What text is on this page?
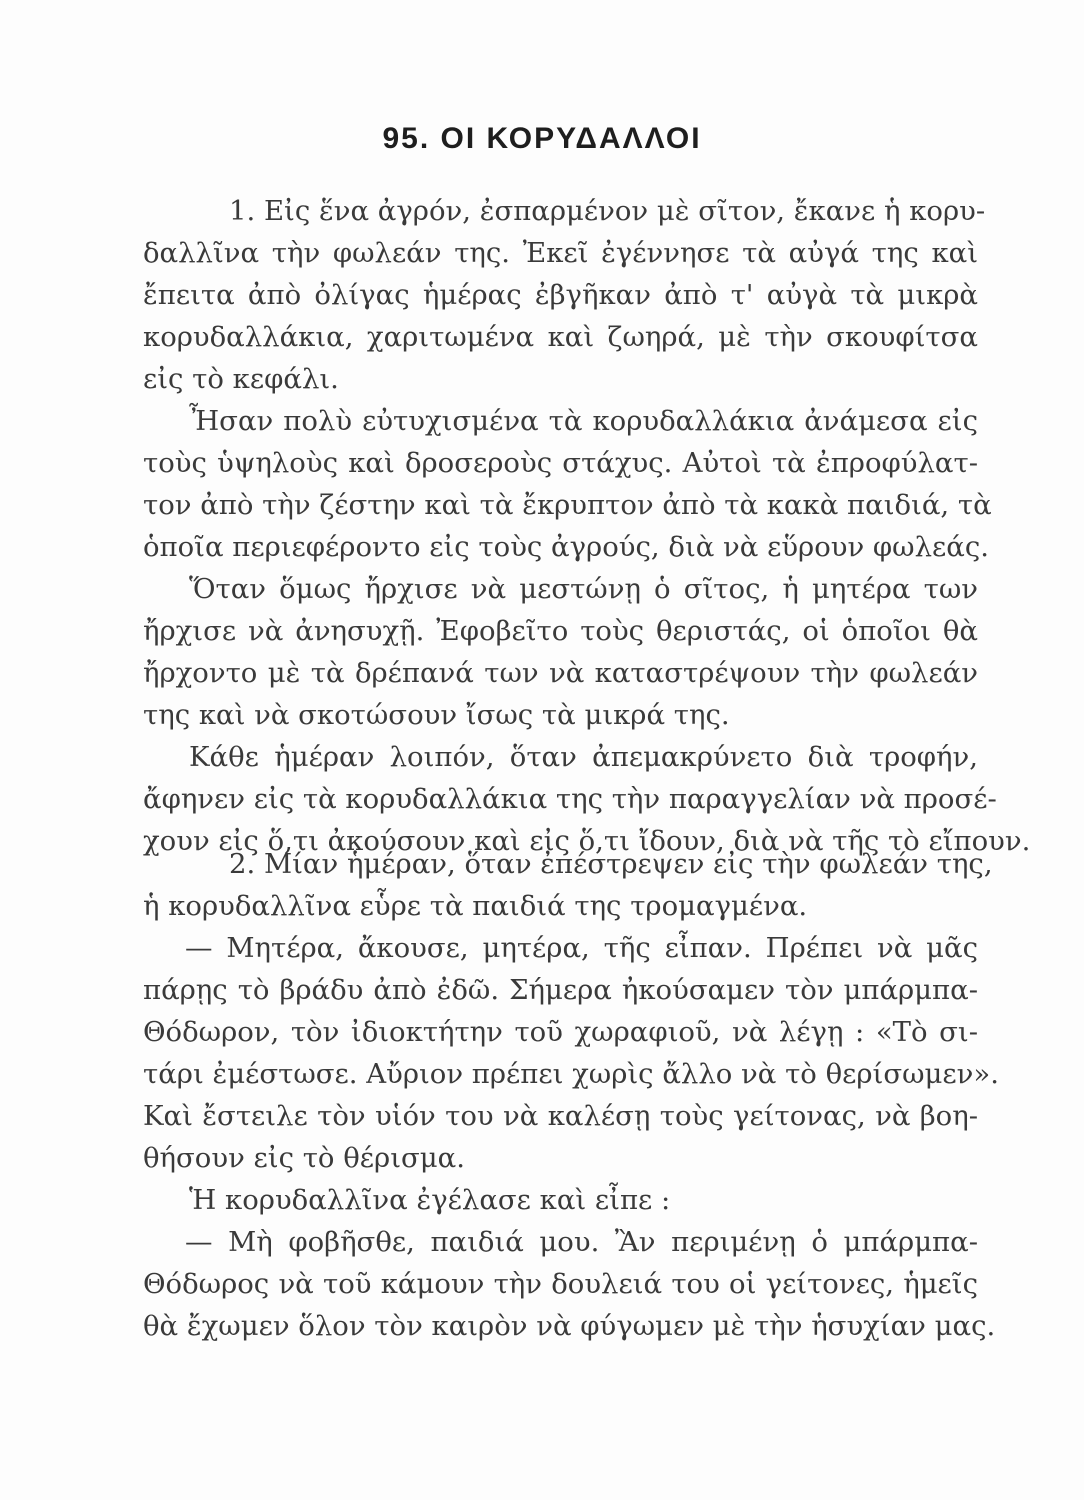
95. ΟΙ ΚΟΡΥΔΑΛΛΟΙ
1. Εἰς ἕνα ἀγρόν, ἐσπαρμένον μὲ σῖτον, ἔκανε ἡ κορυ-
δαλλῖνα τὴν φωλεάν της. Ἐκεῖ ἐγέννησε τὰ αὐγά της καὶ
ἔπειτα ἀπὸ ὀλίγας ἡμέρας ἐβγῆκαν ἀπὸ τ' αὐγὰ τὰ μικρὰ
κορυδαλλάκια, χαριτωμένα καὶ ζωηρά, μὲ τὴν σκουφίτσα
εἰς τὸ κεφάλι.
Ἦσαν πολὺ εὐτυχισμένα τὰ κορυδαλλάκια ἀνάμεσα εἰς
τοὺς ὑψηλοὺς καὶ δροσεροὺς στάχυς. Αὐτοὶ τὰ ἐπροφύλατ-
τον ἀπὸ τὴν ζέστην καὶ τὰ ἔκρυπτον ἀπὸ τὰ κακὰ παιδιά, τὰ
ὁποῖα περιεφέροντο εἰς τοὺς ἀγρούς, διὰ νὰ εὕρουν φωλεάς.
Ὅταν ὅμως ἤρχισε νὰ μεστώνῃ ὁ σῖτος, ἡ μητέρα των
ἤρχισε νὰ ἀνησυχῇ. Ἐφοβεῖτο τοὺς θεριστάς, οἱ ὁποῖοι θὰ
ἤρχοντο μὲ τὰ δρέπανά των νὰ καταστρέψουν τὴν φωλεάν
της καὶ νὰ σκοτώσουν ἴσως τὰ μικρά της.
Κάθε ἡμέραν λοιπόν, ὅταν ἀπεμακρύνετο διὰ τροφήν,
ἄφηνεν εἰς τὰ κορυδαλλάκια της τὴν παραγγελίαν νὰ προσέ-
χουν εἰς ὅ,τι ἀκούσουν καὶ εἰς ὅ,τι ἴδουν, διὰ νὰ τῆς τὸ εἴπουν.
2. Μίαν ἡμέραν, ὅταν ἐπέστρεψεν εἰς τὴν φωλεάν της,
ἡ κορυδαλλῖνα εὗρε τὰ παιδιά της τρομαγμένα.
— Μητέρα, ἄκουσε, μητέρα, τῆς εἶπαν. Πρέπει νὰ μᾶς
πάρῃς τὸ βράδυ ἀπὸ ἐδῶ. Σήμερα ἠκούσαμεν τὸν μπάρμπα-
Θόδωρον, τὸν ἰδιοκτήτην τοῦ χωραφιοῦ, νὰ λέγῃ : «Τὸ σι-
τάρι ἐμέστωσε. Αὔριον πρέπει χωρὶς ἄλλο νὰ τὸ θερίσωμεν».
Καὶ ἔστειλε τὸν υἱόν του νὰ καλέσῃ τοὺς γείτονας, νὰ βοη-
θήσουν εἰς τὸ θέρισμα.
Ἡ κορυδαλλῖνα ἐγέλασε καὶ εἶπε :
— Μὴ φοβῆσθε, παιδιά μου. Ἂν περιμένῃ ὁ μπάρμπα-
Θόδωρος νὰ τοῦ κάμουν τὴν δουλειά του οἱ γείτονες, ἡμεῖς
θὰ ἔχωμεν ὅλον τὸν καιρὸν νὰ φύγωμεν μὲ τὴν ἡσυχίαν μας.
